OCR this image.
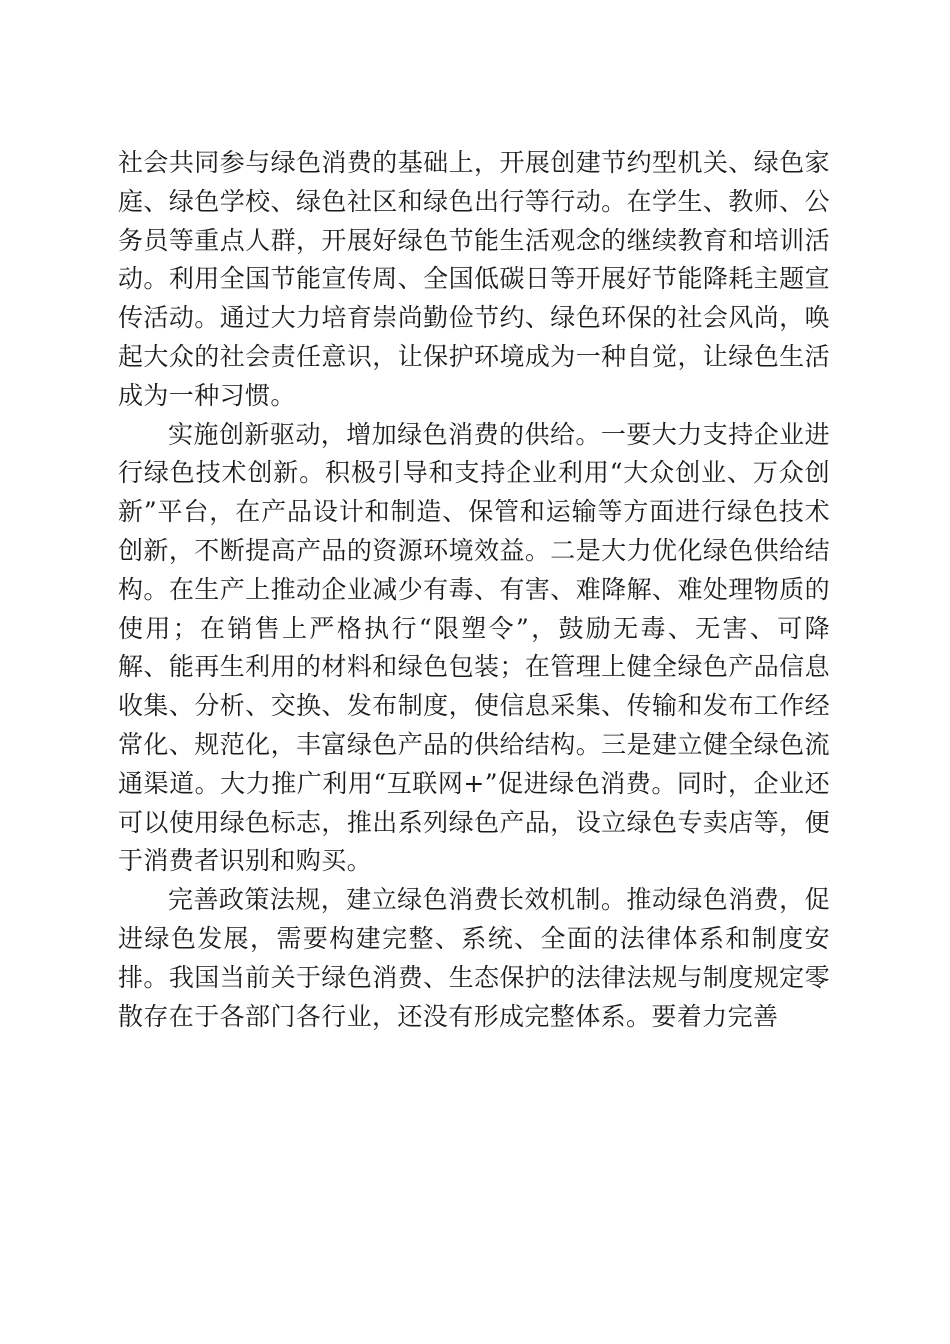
社会共同参与绿色消费的基础上，开展创建节约型机关、绿色家庭、绿色学校、绿色社区和绿色出行等行动。在学生、教师、公务员等重点人群，开展好绿色节能生活观念的继续教育和培训活动。利用全国节能宣传周、全国低碳日等开展好节能降耗主题宣传活动。通过大力培育崇尚勤俭节约、绿色环保的社会风尚，唤起大众的社会责任意识，让保护环境成为一种自觉，让绿色生活成为一种习惯。

实施创新驱动，增加绿色消费的供给。一要大力支持企业进行绿色技术创新。积极引导和支持企业利用“大众创业、万众创新”平台，在产品设计和制造、保管和运输等方面进行绿色技术创新，不断提高产品的资源环境效益。二是大力优化绿色供给结构。在生产上推动企业减少有毒、有害、难降解、难处理物质的使用；在销售上严格执行“限塑令”，鼓励无毒、无害、可降解、能再生利用的材料和绿色包装；在管理上健全绿色产品信息收集、分析、交换、发布制度，使信息采集、传输和发布工作经常化、规范化，丰富绿色产品的供给结构。三是建立健全绿色流通渠道。大力推广利用“互联网+”促进绿色消费。同时，企业还可以使用绿色标志，推出系列绿色产品，设立绿色专卖店等，便于消费者识别和购买。

完善政策法规，建立绿色消费长效机制。推动绿色消费，促进绿色发展，需要构建完整、系统、全面的法律体系和制度安排。我国当前关于绿色消费、生态保护的法律法规与制度规定零散存在于各部门各行业，还没有形成完整体系。要着力完善
